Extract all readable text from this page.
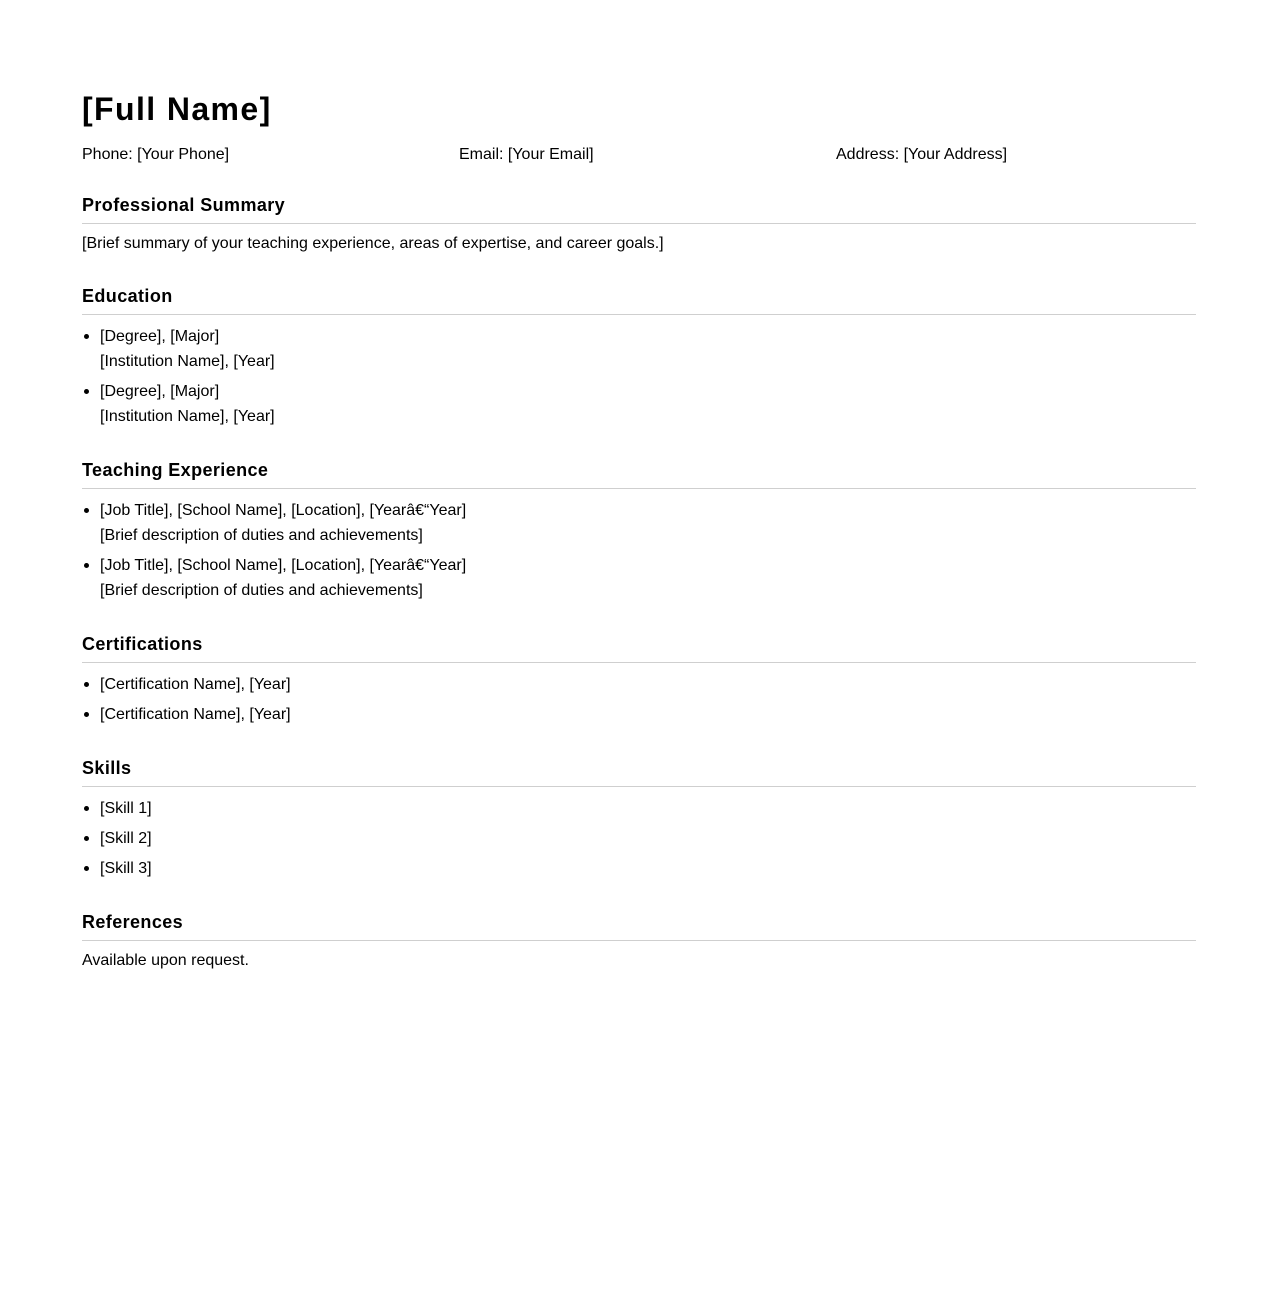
[Full Name]
Phone: [Your Phone]	Email: [Your Email]	Address: [Your Address]
Professional Summary

[Brief summary of your teaching experience, areas of expertise, and career goals.]

Education
[Degree], [Major]
[Institution Name], [Year]
[Degree], [Major]
[Institution Name], [Year]
Teaching Experience
[Job Title], [School Name], [Location], [Yearâ€“Year]
[Brief description of duties and achievements]
[Job Title], [School Name], [Location], [Yearâ€“Year]
[Brief description of duties and achievements]
Certifications
[Certification Name], [Year]
[Certification Name], [Year]
Skills
[Skill 1]
[Skill 2]
[Skill 3]
References

Available upon request.
